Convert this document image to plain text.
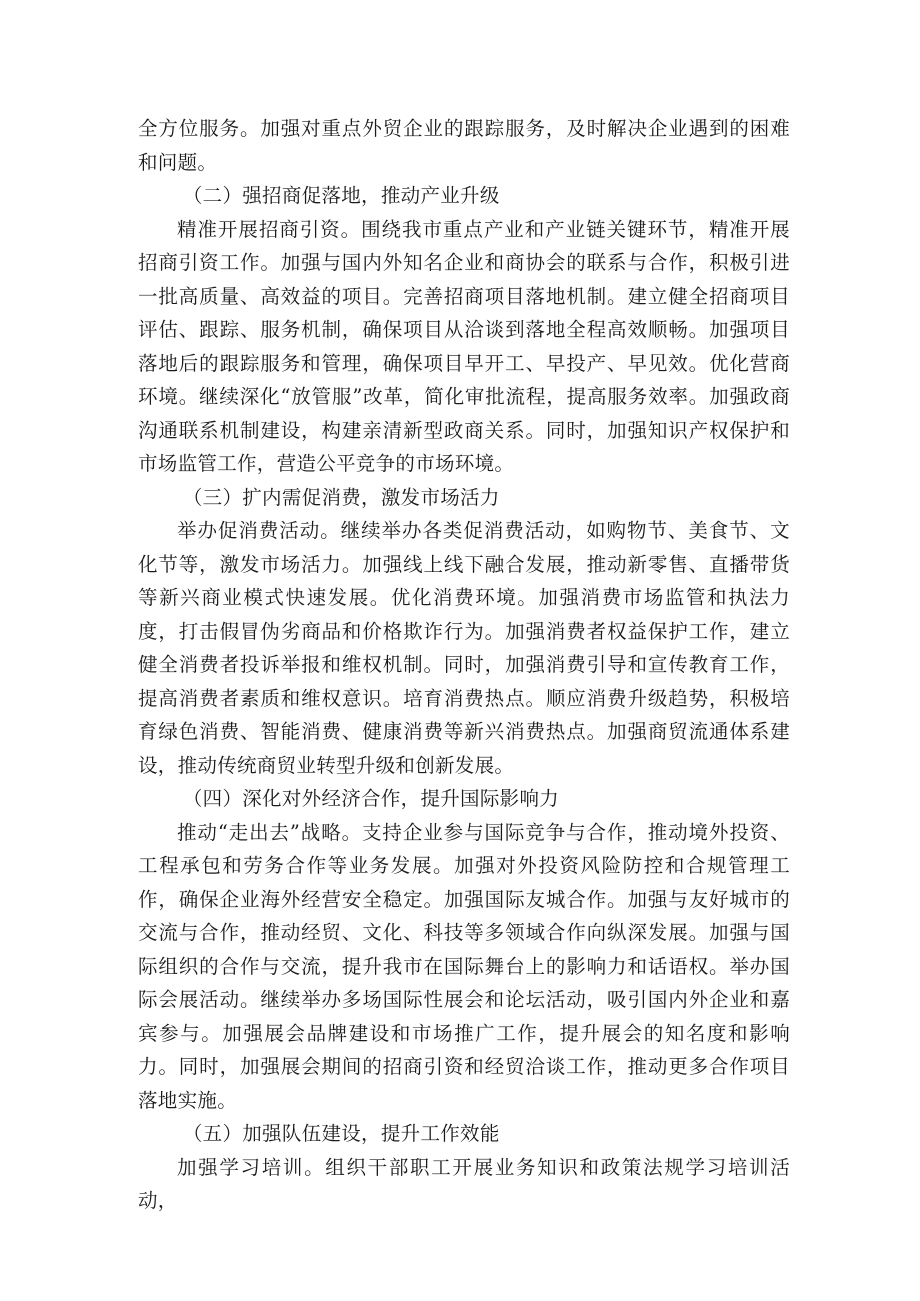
全方位服务。加强对重点外贸企业的跟踪服务，及时解决企业遇到的困难和问题。

（二）强招商促落地，推动产业升级

精准开展招商引资。围绕我市重点产业和产业链关键环节，精准开展招商引资工作。加强与国内外知名企业和商协会的联系与合作，积极引进一批高质量、高效益的项目。完善招商项目落地机制。建立健全招商项目评估、跟踪、服务机制，确保项目从洽谈到落地全程高效顺畅。加强项目落地后的跟踪服务和管理，确保项目早开工、早投产、早见效。优化营商环境。继续深化“放管服”改革，简化审批流程，提高服务效率。加强政商沟通联系机制建设，构建亲清新型政商关系。同时，加强知识产权保护和市场监管工作，营造公平竞争的市场环境。

（三）扩内需促消费，激发市场活力

举办促消费活动。继续举办各类促消费活动，如购物节、美食节、文化节等，激发市场活力。加强线上线下融合发展，推动新零售、直播带货等新兴商业模式快速发展。优化消费环境。加强消费市场监管和执法力度，打击假冒伪劣商品和价格欺诈行为。加强消费者权益保护工作，建立健全消费者投诉举报和维权机制。同时，加强消费引导和宣传教育工作，提高消费者素质和维权意识。培育消费热点。顺应消费升级趋势，积极培育绿色消费、智能消费、健康消费等新兴消费热点。加强商贸流通体系建设，推动传统商贸业转型升级和创新发展。

（四）深化对外经济合作，提升国际影响力

推动“走出去”战略。支持企业参与国际竞争与合作，推动境外投资、工程承包和劳务合作等业务发展。加强对外投资风险防控和合规管理工作，确保企业海外经营安全稳定。加强国际友城合作。加强与友好城市的交流与合作，推动经贸、文化、科技等多领域合作向纵深发展。加强与国际组织的合作与交流，提升我市在国际舞台上的影响力和话语权。举办国际会展活动。继续举办多场国际性展会和论坛活动，吸引国内外企业和嘉宾参与。加强展会品牌建设和市场推广工作，提升展会的知名度和影响力。同时，加强展会期间的招商引资和经贸洽谈工作，推动更多合作项目落地实施。

（五）加强队伍建设，提升工作效能

加强学习培训。组织干部职工开展业务知识和政策法规学习培训活动，
